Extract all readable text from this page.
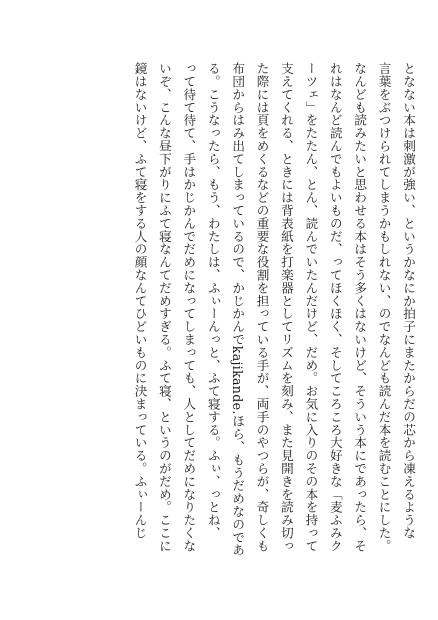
となない本は刺激が強い、というかなにか拍子にまたからだの芯から凍えるような
言葉をぶつけられてしまうかもしれない、のでなんども読んだ本を読むことにした。
なんども読みたいと思わせる本はそう多くはないけど、そういう本にであったら、そ
れはなんど読んでもよいものだ、ってほくほく、そしてころころ大好きな「麦ふみク
ーツェ」をたたん、とん、読んでいたんだけど、だめ。お気に入りのその本を持って
支えてくれる、ときには背表紙を打楽器としてリズムを刻み、また見開きを読み切っ
た際には頁をめくるなどの重要な役割を担っている手が、両手のやつらが、奇しくも
布団からはみ出てしまっているので、かじかんでkajikande.ほら、もうだめなのであ
る。こうなったら、もう、わたしは、ふぃーんっと、ふて寝する。ふぃ、っとね、
って待て待て、手はかじかんでだめになってしまっても、人としてだめになりたくな
いぞ、こんな昼下がりにふて寝なんてだめすぎる。ふて寝、というのがだめ。ここに
鏡はないけど、ふて寝をする人の顔なんてひどいものに決まっている。ふぃーんじ
